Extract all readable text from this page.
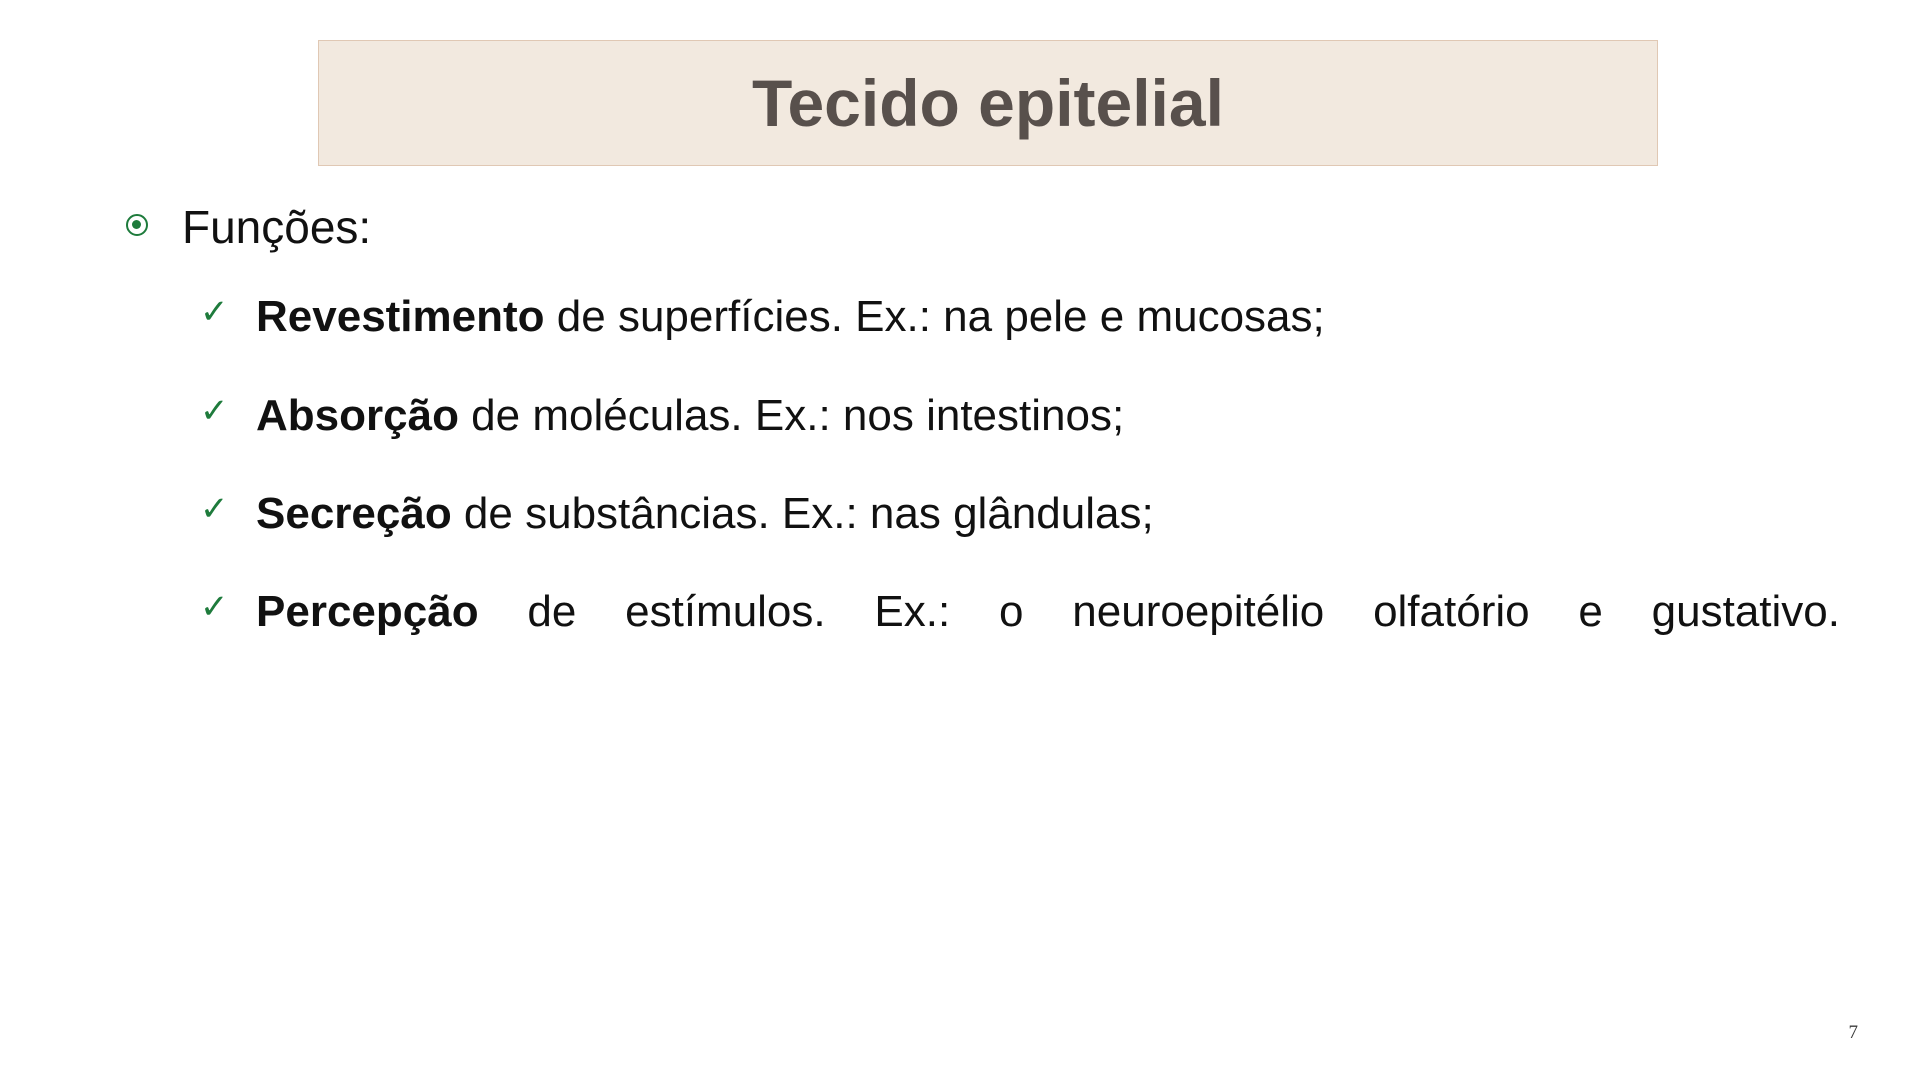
Tecido epitelial
Funções:
✓ Revestimento de superfícies. Ex.: na pele e mucosas;
✓ Absorção de moléculas. Ex.: nos intestinos;
✓ Secreção de substâncias. Ex.: nas glândulas;
✓ Percepção de estímulos. Ex.: o neuroepitélio olfatório e gustativo.
7
